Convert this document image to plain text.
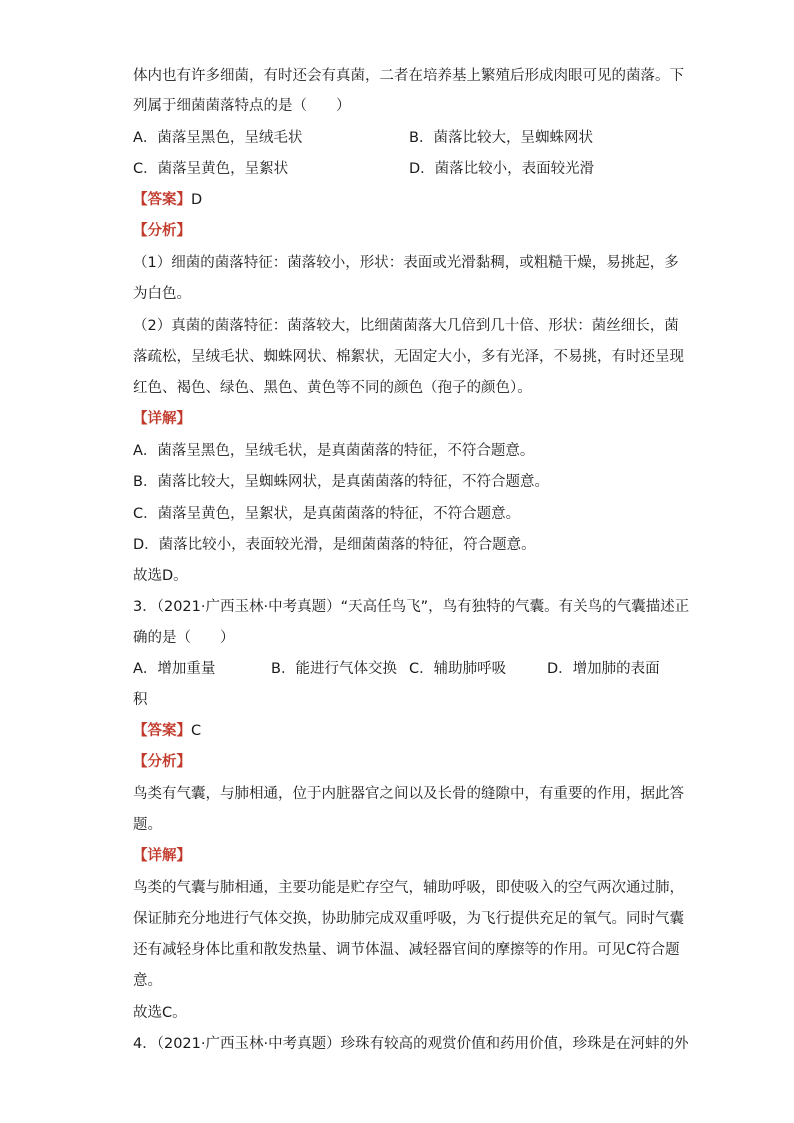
体内也有许多细菌，有时还会有真菌，二者在培养基上繁殖后形成肉眼可见的菌落。下
列属于细菌菌落特点的是（　　）
A．菌落呈黑色，呈绒毛状	B．菌落比较大，呈蜘蛛网状
C．菌落呈黄色，呈絮状	D．菌落比较小，表面较光滑
【答案】D
【分析】
（1）细菌的菌落特征：菌落较小，形状：表面或光滑黏稠，或粗糙干燥，易挑起，多
为白色。
（2）真菌的菌落特征：菌落较大，比细菌菌落大几倍到几十倍、形状：菌丝细长，菌
落疏松，呈绒毛状、蜘蛛网状、棉絮状，无固定大小，多有光泽，不易挑，有时还呈现
红色、褐色、绿色、黑色、黄色等不同的颜色（孢子的颜色）。
【详解】
A．菌落呈黑色，呈绒毛状，是真菌菌落的特征，不符合题意。
B．菌落比较大，呈蜘蛛网状，是真菌菌落的特征，不符合题意。
C．菌落呈黄色，呈絮状，是真菌菌落的特征，不符合题意。
D．菌落比较小，表面较光滑，是细菌菌落的特征，符合题意。
故选D。
3．（2021·广西玉林·中考真题）“天高任鸟飞”，鸟有独特的气囊。有关鸟的气囊描述正
确的是（　　）
A．增加重量	B．能进行气体交换 C．辅助肺呼吸	D．增加肺的表面
积
【答案】C
【分析】
鸟类有气囊，与肺相通，位于内脏器官之间以及长骨的缝隙中，有重要的作用，据此答
题。
【详解】
鸟类的气囊与肺相通，主要功能是贮存空气，辅助呼吸，即使吸入的空气两次通过肺，
保证肺充分地进行气体交换，协助肺完成双重呼吸，为飞行提供充足的氧气。同时气囊
还有减轻身体比重和散发热量、调节体温、减轻器官间的摩擦等的作用。可见C符合题
意。
故选C。
4．（2021·广西玉林·中考真题）珍珠有较高的观赏价值和药用价值，珍珠是在河蚌的外
